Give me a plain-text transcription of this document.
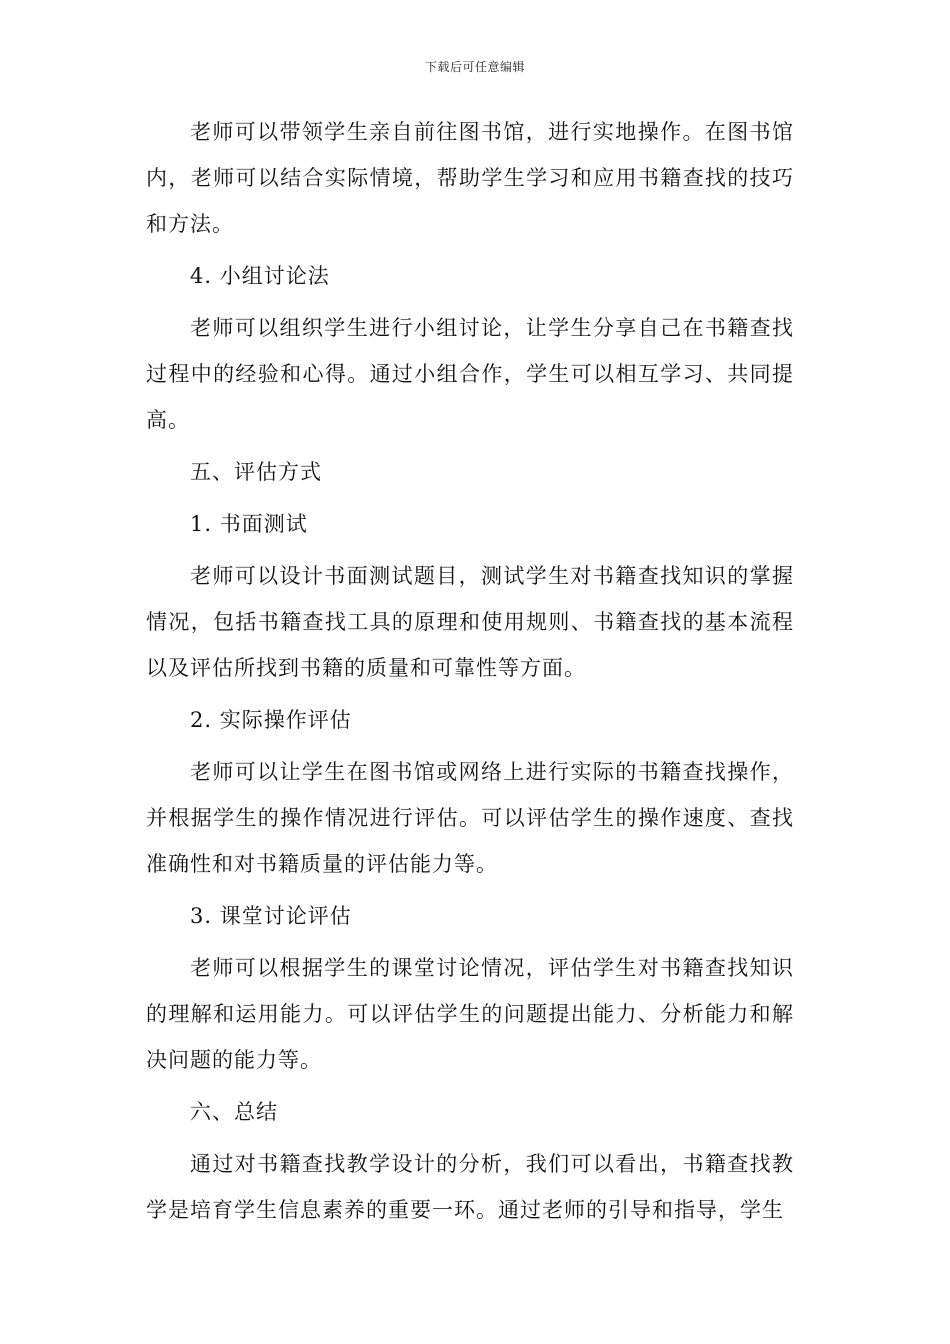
下载后可任意编辑

老师可以带领学生亲自前往图书馆，进行实地操作。在图书馆内，老师可以结合实际情境，帮助学生学习和应用书籍查找的技巧和方法。

4. 小组讨论法

老师可以组织学生进行小组讨论，让学生分享自己在书籍查找过程中的经验和心得。通过小组合作，学生可以相互学习、共同提高。

五、评估方式

1. 书面测试

老师可以设计书面测试题目，测试学生对书籍查找知识的掌握情况，包括书籍查找工具的原理和使用规则、书籍查找的基本流程以及评估所找到书籍的质量和可靠性等方面。

2. 实际操作评估

老师可以让学生在图书馆或网络上进行实际的书籍查找操作，并根据学生的操作情况进行评估。可以评估学生的操作速度、查找准确性和对书籍质量的评估能力等。

3. 课堂讨论评估

老师可以根据学生的课堂讨论情况，评估学生对书籍查找知识的理解和运用能力。可以评估学生的问题提出能力、分析能力和解决问题的能力等。

六、总结

通过对书籍查找教学设计的分析，我们可以看出，书籍查找教学是培育学生信息素养的重要一环。通过老师的引导和指导，学生
